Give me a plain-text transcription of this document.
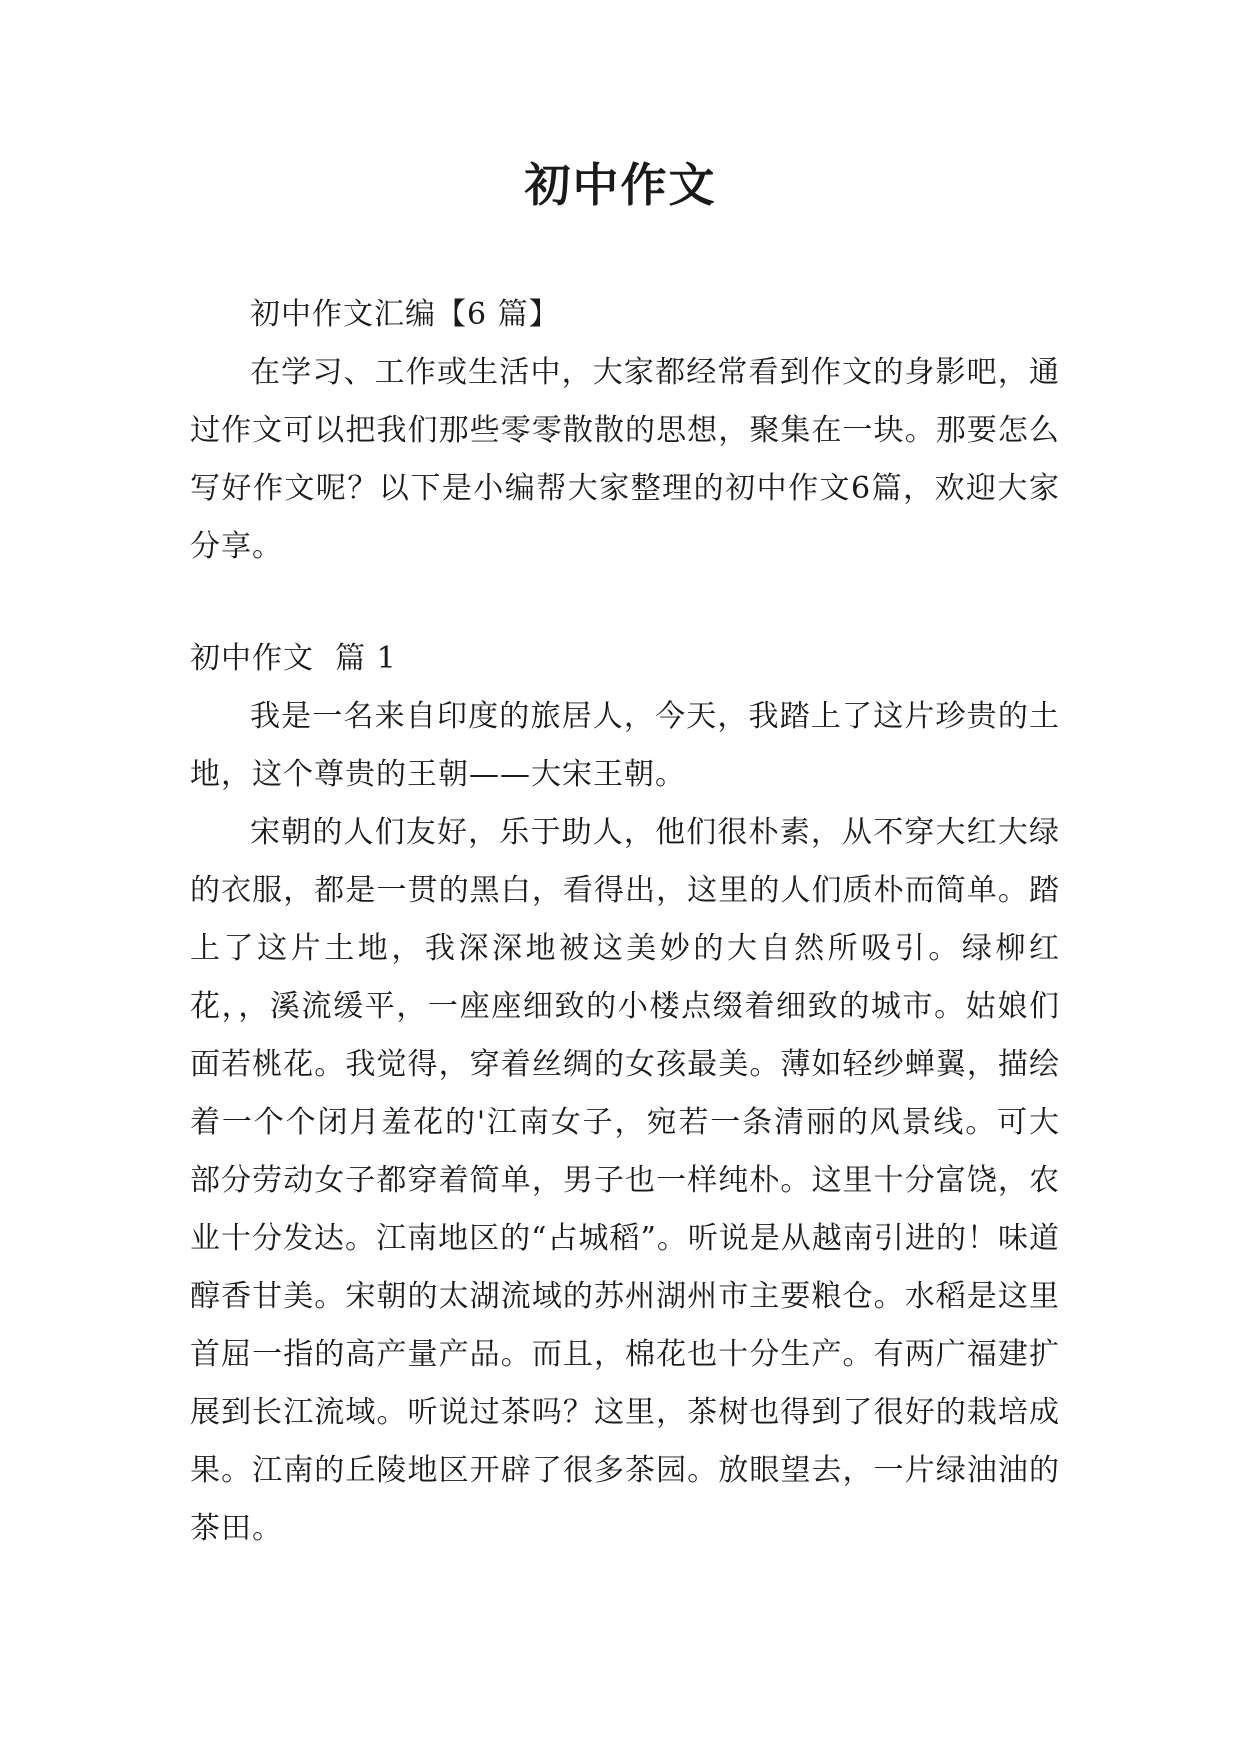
初中作文

初中作文汇编【6 篇】

在学习、工作或生活中，大家都经常看到作文的身影吧，通过作文可以把我们那些零零散散的思想，聚集在一块。那要怎么写好作文呢？以下是小编帮大家整理的初中作文6篇，欢迎大家分享。

初中作文  篇 1

我是一名来自印度的旅居人，今天，我踏上了这片珍贵的土地，这个尊贵的王朝——大宋王朝。

宋朝的人们友好，乐于助人，他们很朴素，从不穿大红大绿的衣服，都是一贯的黑白，看得出，这里的人们质朴而简单。踏上了这片土地，我深深地被这美妙的大自然所吸引。绿柳红花，，溪流缓平，一座座细致的小楼点缀着细致的城市。姑娘们面若桃花。我觉得，穿着丝绸的女孩最美。薄如轻纱蝉翼，描绘着一个个闭月羞花的'江南女子，宛若一条清丽的风景线。可大部分劳动女子都穿着简单，男子也一样纯朴。这里十分富饶，农业十分发达。江南地区的“占城稻”。听说是从越南引进的！味道醇香甘美。宋朝的太湖流域的苏州湖州市主要粮仓。水稻是这里首屈一指的高产量产品。而且，棉花也十分生产。有两广福建扩展到长江流域。听说过茶吗？这里，茶树也得到了很好的栽培成果。江南的丘陵地区开辟了很多茶园。放眼望去，一片绿油油的茶田。
